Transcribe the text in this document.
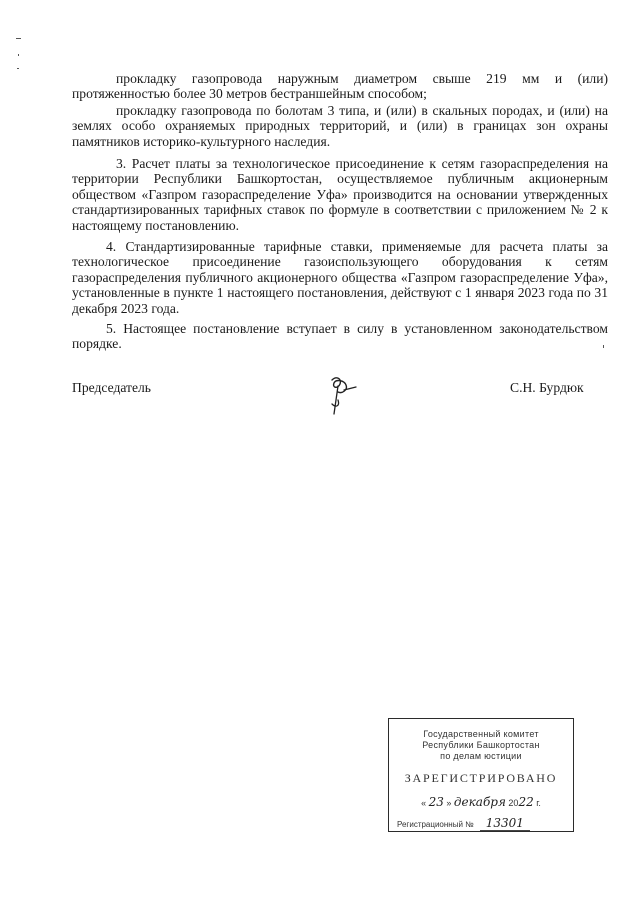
прокладку газопровода наружным диаметром свыше 219 мм и (или) протяженностью более 30 метров бестраншейным способом;

прокладку газопровода по болотам 3 типа, и (или) в скальных породах, и (или) на землях особо охраняемых природных территорий, и (или) в границах зон охраны памятников историко-культурного наследия.

3. Расчет платы за технологическое присоединение к сетям газораспределения на территории Республики Башкортостан, осуществляемое публичным акционерным обществом «Газпром газораспределение Уфа» производится на основании утвержденных стандартизированных тарифных ставок по формуле в соответствии с приложением № 2 к настоящему постановлению.

4. Стандартизированные тарифные ставки, применяемые для расчета платы за технологическое присоединение газоиспользующего оборудования к сетям газораспределения публичного акционерного общества «Газпром газораспределение Уфа», установленные в пункте 1 настоящего постановления, действуют с 1 января 2023 года по 31 декабря 2023 года.

5. Настоящее постановление вступает в силу в установленном законодательством порядке.

Председатель	С.Н. Бурдюк
Государственный комитет
Республики Башкортостан
по делам юстиции
ЗАРЕГИСТРИРОВАНО
« 23 » декабря 2022 г.
Регистрационный № 13301
